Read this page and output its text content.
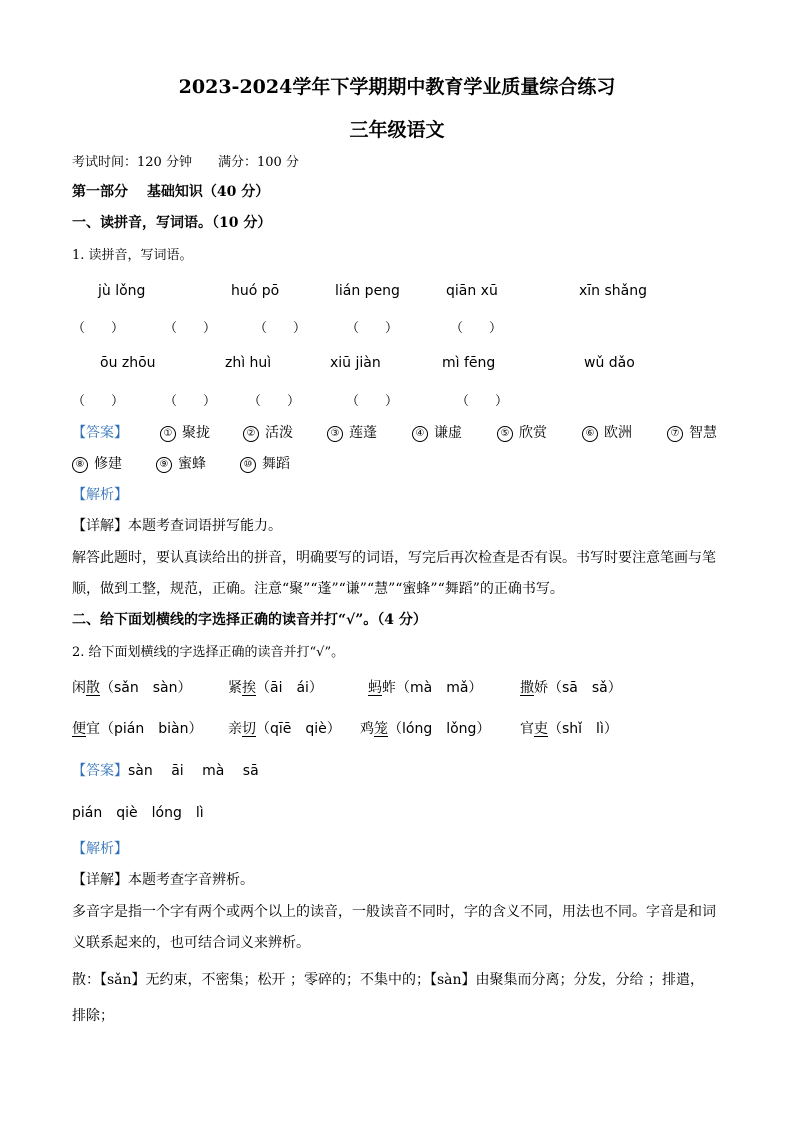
2023-2024学年下学期期中教育学业质量综合练习
三年级语文
考试时间：120 分钟　　满分：100 分
第一部分　 基础知识（40 分）
一、读拼音，写词语。（10 分）
1. 读拼音，写词语。
jù lǒng	huó pō	lián peng	qiān xū	xīn shǎng
（　　）	（　　）	（　　）	（　　）	（　　）
ōu zhōu	zhì huì	xiū jiàn	mì fēng	wǔ dǎo
（　　）	（　　） （　　）	（　　）	（　　）
【答案】	① 聚拢	② 活泼	③ 莲蓬	④ 谦虚	⑤ 欣赏	⑥ 欧洲	⑦ 智慧
⑧ 修建	⑨ 蜜蜂	⑩ 舞蹈
【解析】
【详解】本题考查词语拼写能力。
解答此题时，要认真读给出的拼音，明确要写的词语，写完后再次检查是否有误。书写时要注意笔画与笔
顺，做到工整，规范，正确。注意“聚”“蓬”“谦”“慧”“蜜蜂”“舞蹈”的正确书写。
二、给下面划横线的字选择正确的读音并打“√”。（4 分）
2. 给下面划横线的字选择正确的读音并打“√”。
闲散（sǎn　sàn）	紧挨（āi　ái）	蚂蚱（mà　mǎ）	撒娇（sā　sǎ）
便宜（pián　biàn） 亲切（qīē　qiè） 鸡笼（lóng　lǒng） 官吏（shǐ　lì）
【答案】sàn　 āi　 mà　 sā
pián　qiè　lóng　lì
【解析】
【详解】本题考查字音辨析。
多音字是指一个字有两个或两个以上的读音，一般读音不同时，字的含义不同，用法也不同。字音是和词
义联系起来的，也可结合词义来辨析。
散：【sǎn】无约束，不密集；松开 ；零碎的；不集中的；【sàn】由聚集而分离；分发，分给 ；排遣，
排除；
